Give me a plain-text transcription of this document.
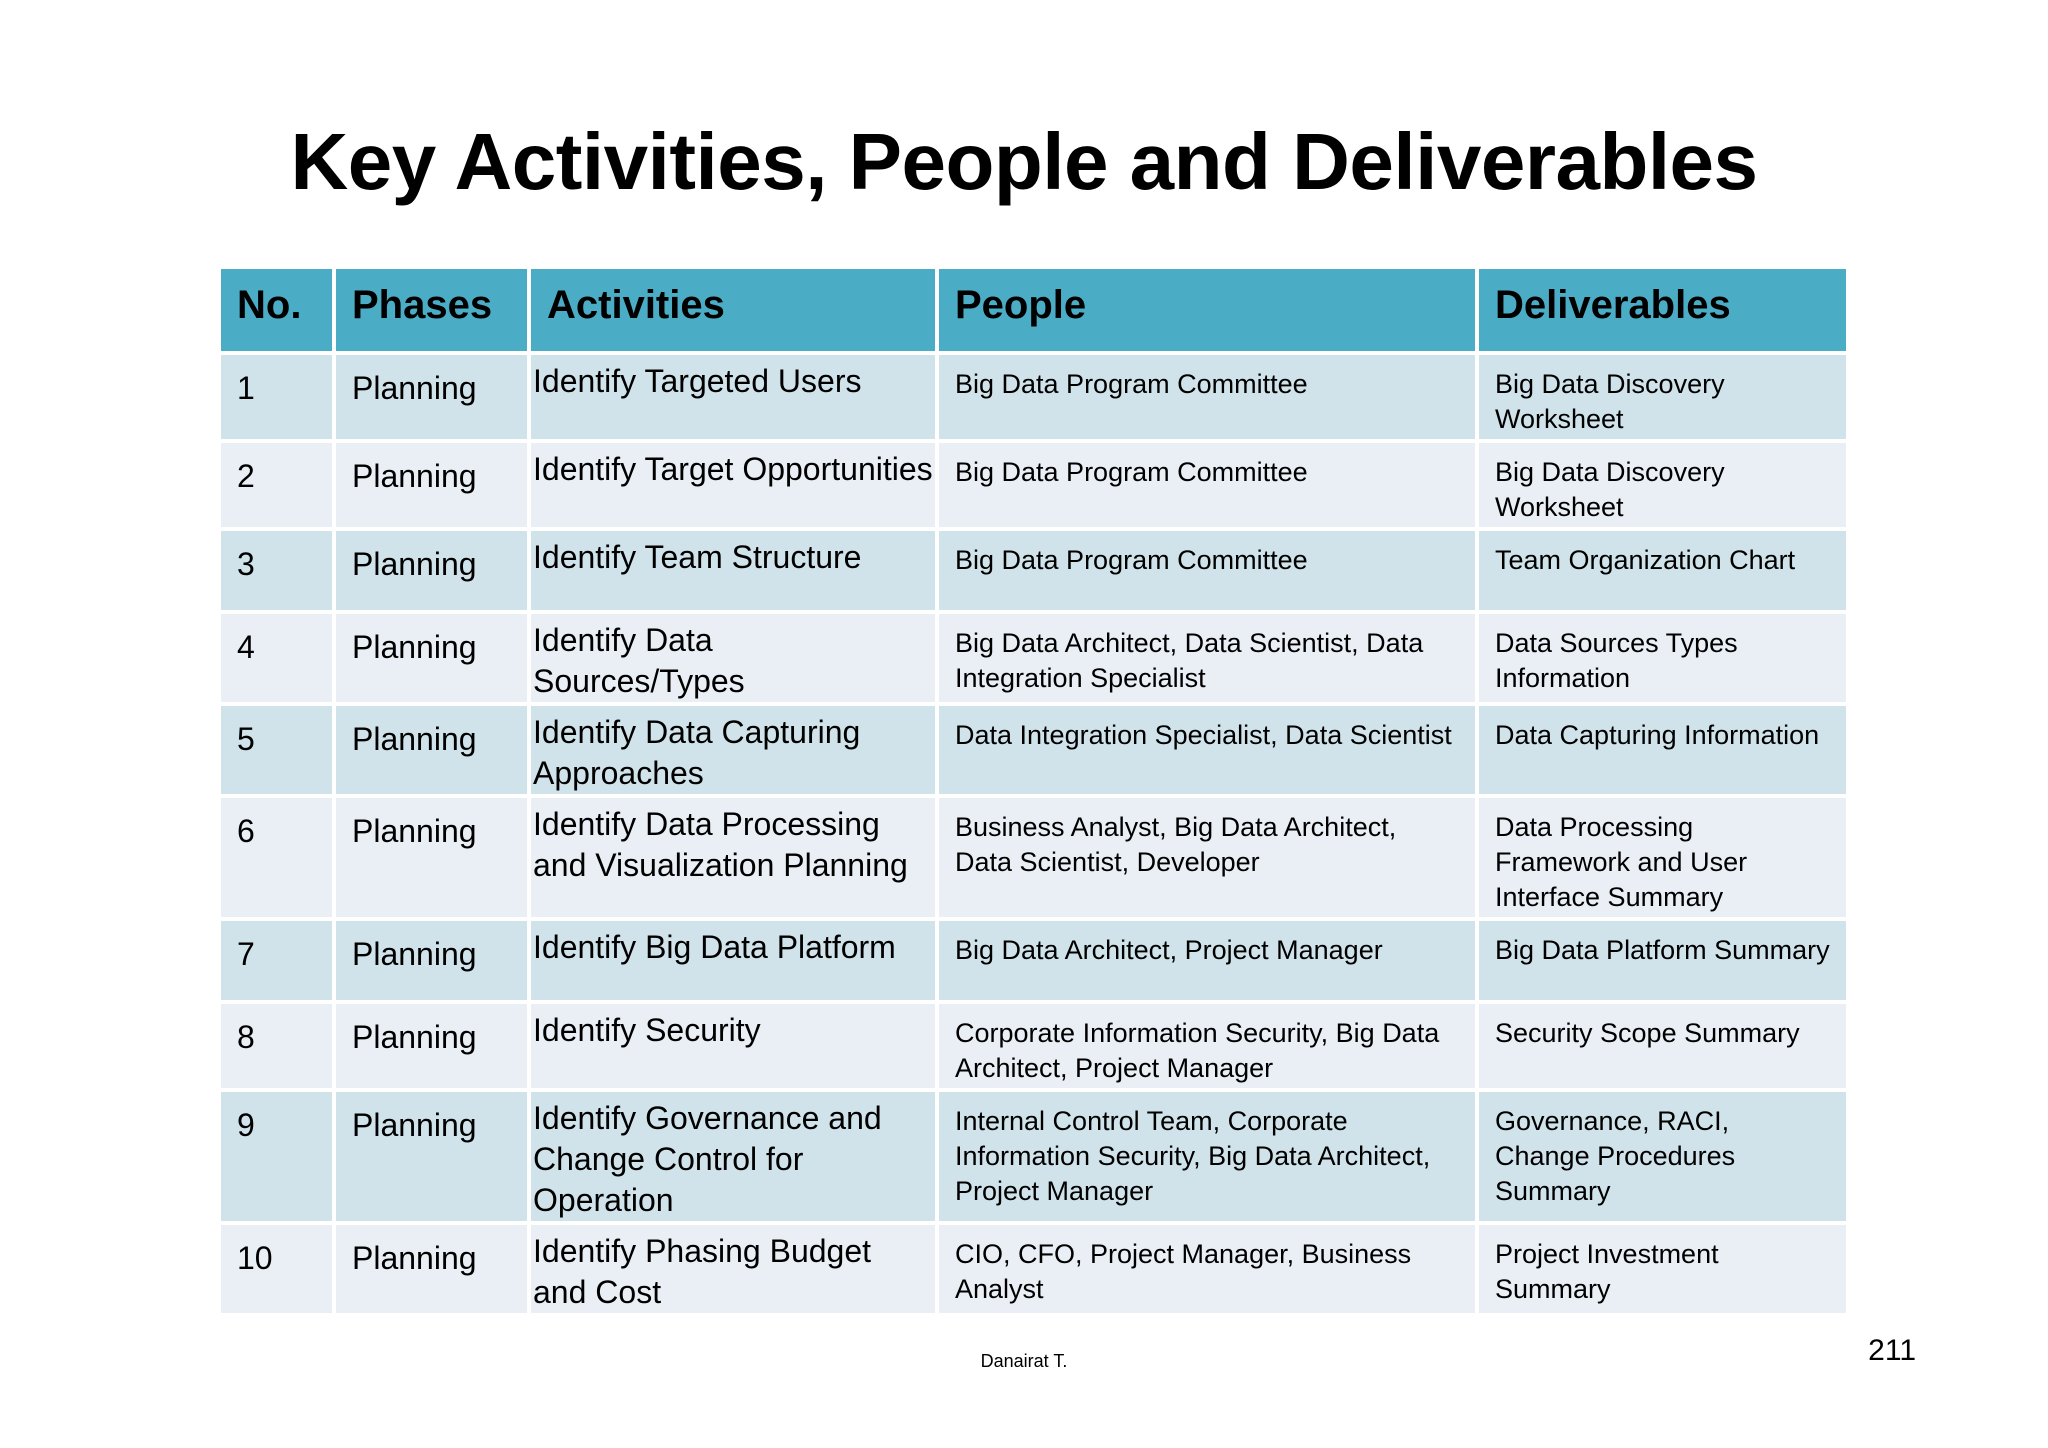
Key Activities, People and Deliverables
No.	Phases	Activities	People	Deliverables
1	Planning	Identify Targeted Users	Big Data Program Committee	Big Data Discovery Worksheet
2	Planning	Identify Target Opportunities	Big Data Program Committee	Big Data Discovery Worksheet
3	Planning	Identify Team Structure	Big Data Program Committee	Team Organization Chart
4	Planning	Identify Data Sources/Types	Big Data Architect, Data Scientist, Data Integration Specialist	Data Sources Types Information
5	Planning	Identify Data Capturing Approaches	Data Integration Specialist, Data Scientist	Data Capturing Information
6	Planning	Identify Data Processing and Visualization Planning	Business Analyst, Big Data Architect, Data Scientist, Developer	Data Processing Framework and User Interface Summary
7	Planning	Identify Big Data Platform	Big Data Architect, Project Manager	Big Data Platform Summary
8	Planning	Identify Security	Corporate Information Security, Big Data Architect, Project Manager	Security Scope Summary
9	Planning	Identify Governance and Change Control for Operation	Internal Control Team, Corporate Information Security, Big Data Architect, Project Manager	Governance, RACI, Change Procedures Summary
10	Planning	Identify Phasing Budget and Cost	CIO, CFO, Project Manager, Business Analyst	Project Investment Summary
Danairat T.	211
